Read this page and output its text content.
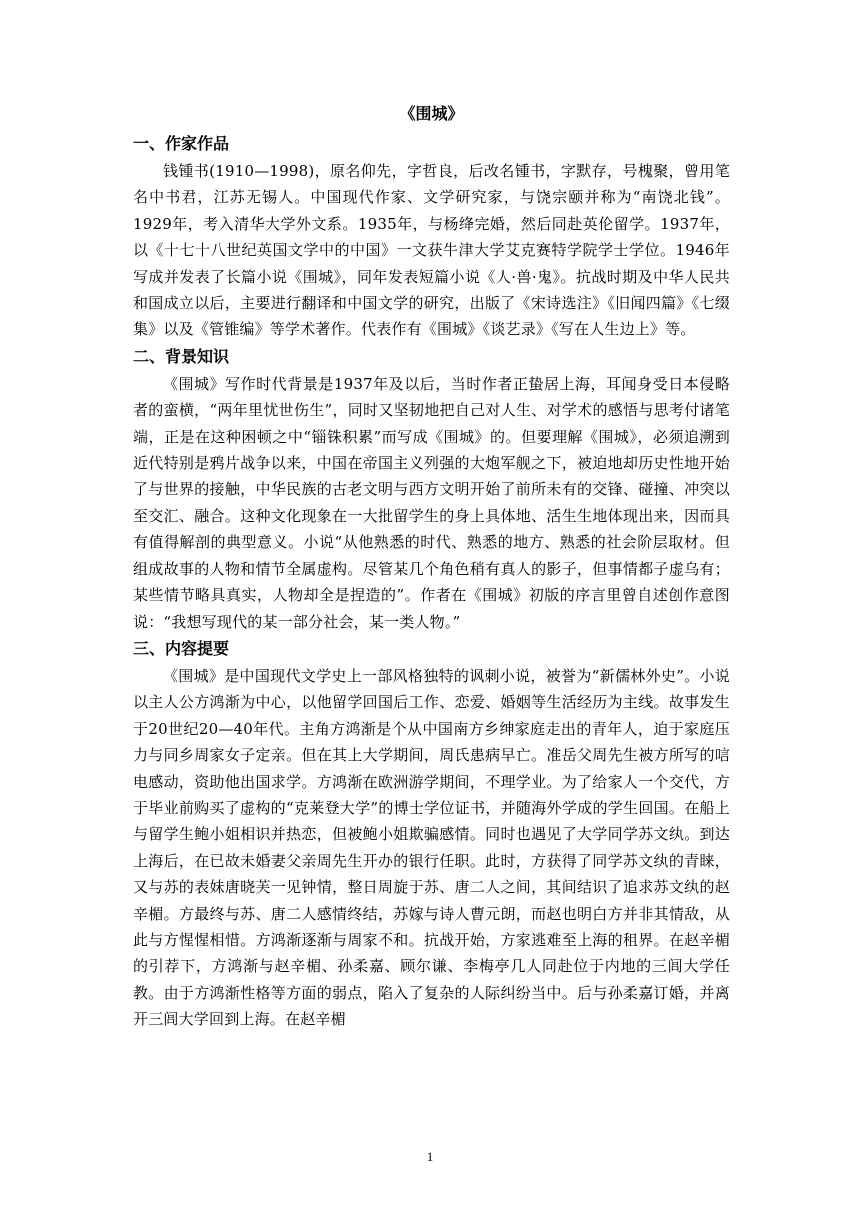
《围城》
一、作家作品

钱锺书(1910—1998)，原名仰先，字哲良，后改名锺书，字默存，号槐聚，曾用笔名中书君，江苏无锡人。中国现代作家、文学研究家，与饶宗颐并称为“南饶北钱”。1929年，考入清华大学外文系。1935年，与杨绛完婚，然后同赴英伦留学。1937年，以《十七十八世纪英国文学中的中国》一文获牛津大学艾克赛特学院学士学位。1946年写成并发表了长篇小说《围城》，同年发表短篇小说《人·兽·鬼》。抗战时期及中华人民共和国成立以后，主要进行翻译和中国文学的研究，出版了《宋诗选注》《旧闻四篇》《七缀集》以及《管锥编》等学术著作。代表作有《围城》《谈艺录》《写在人生边上》等。

二、背景知识

《围城》写作时代背景是1937年及以后，当时作者正蛰居上海，耳闻身受日本侵略者的蛮横，“两年里忧世伤生”，同时又坚韧地把自己对人生、对学术的感悟与思考付诸笔端，正是在这种困顿之中“锱铢积累”而写成《围城》的。但要理解《围城》，必须追溯到近代特别是鸦片战争以来，中国在帝国主义列强的大炮军舰之下，被迫地却历史性地开始了与世界的接触，中华民族的古老文明与西方文明开始了前所未有的交锋、碰撞、冲突以至交汇、融合。这种文化现象在一大批留学生的身上具体地、活生生地体现出来，因而具有值得解剖的典型意义。小说“从他熟悉的时代、熟悉的地方、熟悉的社会阶层取材。但组成故事的人物和情节全属虚构。尽管某几个角色稍有真人的影子，但事情都子虚乌有；某些情节略具真实，人物却全是捏造的”。作者在《围城》初版的序言里曾自述创作意图说：“我想写现代的某一部分社会，某一类人物。”

三、内容提要

《围城》是中国现代文学史上一部风格独特的讽刺小说，被誉为“新儒林外史”。小说以主人公方鸿渐为中心，以他留学回国后工作、恋爱、婚姻等生活经历为主线。故事发生于20世纪20—40年代。主角方鸿渐是个从中国南方乡绅家庭走出的青年人，迫于家庭压力与同乡周家女子定亲。但在其上大学期间，周氏患病早亡。准岳父周先生被方所写的唁电感动，资助他出国求学。方鸿渐在欧洲游学期间，不理学业。为了给家人一个交代，方于毕业前购买了虚构的“克莱登大学”的博士学位证书，并随海外学成的学生回国。在船上与留学生鲍小姐相识并热恋，但被鲍小姐欺骗感情。同时也遇见了大学同学苏文纨。到达上海后，在已故未婚妻父亲周先生开办的银行任职。此时，方获得了同学苏文纨的青睐，又与苏的表妹唐晓芙一见钟情，整日周旋于苏、唐二人之间，其间结识了追求苏文纨的赵辛楣。方最终与苏、唐二人感情终结，苏嫁与诗人曹元朗，而赵也明白方并非其情敌，从此与方惺惺相惜。方鸿渐逐渐与周家不和。抗战开始，方家逃难至上海的租界。在赵辛楣的引荐下，方鸿渐与赵辛楣、孙柔嘉、顾尔谦、李梅亭几人同赴位于内地的三闾大学任教。由于方鸿渐性格等方面的弱点，陷入了复杂的人际纠纷当中。后与孙柔嘉订婚，并离开三闾大学回到上海。在赵辛楣

1
